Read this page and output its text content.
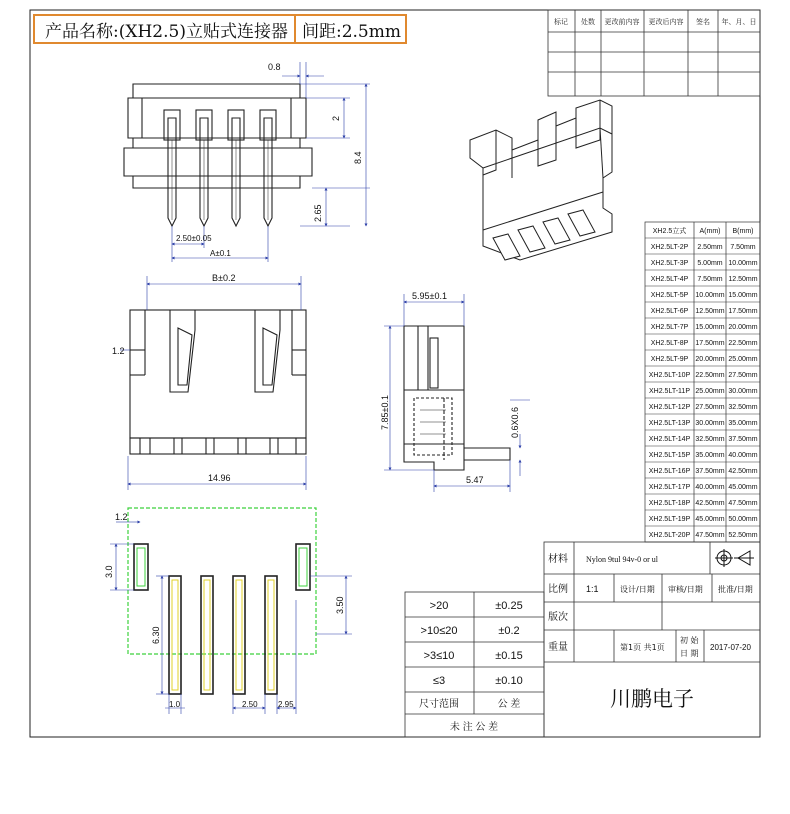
产品名称:(XH2.5)立贴式连接器 间距:2.5mm	标记 处数 更改前内容 更改后内容 签名 年、月、日
0.8
2
8.4
2.65
2.50±0.05
A±0.1
XH2.5立式 A(mm) B(mm)
XH2.5LT-2P 2.50mm 7.50mm
XH2.5LT-3P 5.00mm 10.00mm
XH2.5LT-4P 7.50mm 12.50mm
XH2.5LT-5P 10.00mm 15.00mm
XH2.5LT-6P 12.50mm 17.50mm
XH2.5LT-7P 15.00mm 20.00mm
XH2.5LT-8P 17.50mm 22.50mm
XH2.5LT-9P 20.00mm 25.00mm
XH2.5LT-10P 22.50mm 27.50mm
XH2.5LT-11P 25.00mm 30.00mm
XH2.5LT-12P 27.50mm 32.50mm
XH2.5LT-13P 30.00mm 35.00mm
XH2.5LT-14P 32.50mm 37.50mm
XH2.5LT-15P 35.00mm 40.00mm
XH2.5LT-16P 37.50mm 42.50mm
XH2.5LT-17P 40.00mm 45.00mm
XH2.5LT-18P 42.50mm 47.50mm
XH2.5LT-19P 45.00mm 50.00mm
XH2.5LT-20P 47.50mm 52.50mm
B±0.2
1.2
14.96
5.95±0.1
7.85±0.1	0.6X0.6
5.47
1.2
3.0
3.50
6.30
1.0	2.50	2.95
>20	±0.25
>10≤20	±0.2
>3≤10	±0.15
≤3	±0.10
尺寸范围	公 差
未 注 公 差
材料 Nylon 9tul 94v-0 or ul
比例 1:1	设计/日期 审核/日期 批准/日期
版次
重量	第1页 共1页
初 始
日 期
2017-07-20
川鹏电子
